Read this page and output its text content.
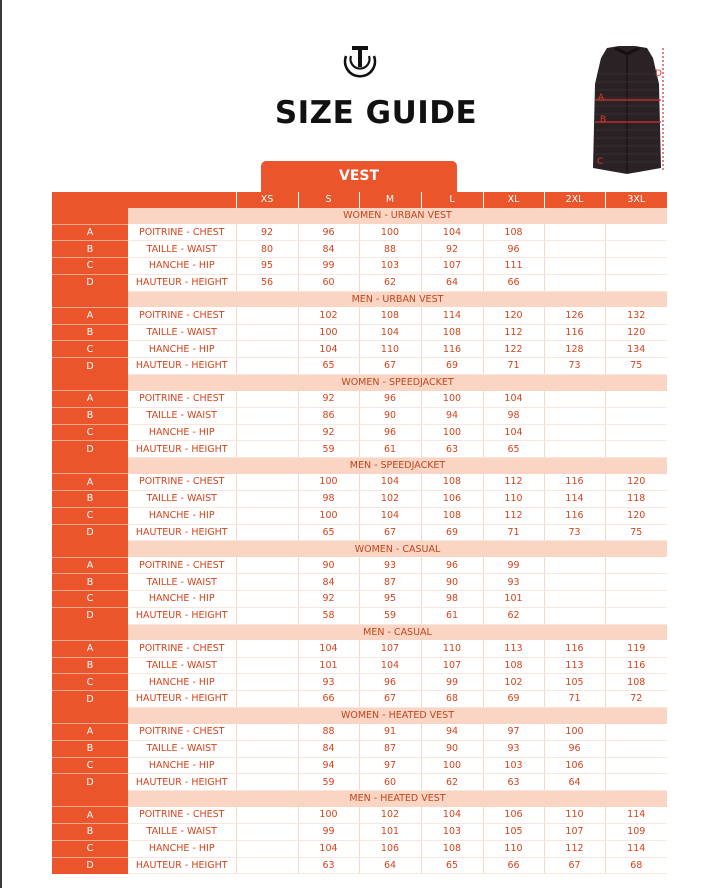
SIZE GUIDE	A
B
C
D
VEST
		XS	S	M	L	XL	2XL	3XL
	WOMEN - URBAN VEST							
A	POITRINE - CHEST	92	96	100	104	108		
B	TAILLE - WAIST	80	84	88	92	96		
C	HANCHE - HIP	95	99	103	107	111		
D	HAUTEUR - HEIGHT	56	60	62	64	66		
	MEN - URBAN VEST							
A	POITRINE - CHEST		102	108	114	120	126	132
B	TAILLE - WAIST		100	104	108	112	116	120
C	HANCHE - HIP		104	110	116	122	128	134
D	HAUTEUR - HEIGHT		65	67	69	71	73	75
	WOMEN - SPEEDJACKET							
A	POITRINE - CHEST		92	96	100	104		
B	TAILLE - WAIST		86	90	94	98		
C	HANCHE - HIP		92	96	100	104		
D	HAUTEUR - HEIGHT		59	61	63	65		
	MEN - SPEEDJACKET							
A	POITRINE - CHEST		100	104	108	112	116	120
B	TAILLE - WAIST		98	102	106	110	114	118
C	HANCHE - HIP		100	104	108	112	116	120
D	HAUTEUR - HEIGHT		65	67	69	71	73	75
	WOMEN - CASUAL							
A	POITRINE - CHEST		90	93	96	99		
B	TAILLE - WAIST		84	87	90	93		
C	HANCHE - HIP		92	95	98	101		
D	HAUTEUR - HEIGHT		58	59	61	62		
	MEN - CASUAL							
A	POITRINE - CHEST		104	107	110	113	116	119
B	TAILLE - WAIST		101	104	107	108	113	116
C	HANCHE - HIP		93	96	99	102	105	108
D	HAUTEUR - HEIGHT		66	67	68	69	71	72
	WOMEN - HEATED VEST							
A	POITRINE - CHEST		88	91	94	97	100	
B	TAILLE - WAIST		84	87	90	93	96	
C	HANCHE - HIP		94	97	100	103	106	
D	HAUTEUR - HEIGHT		59	60	62	63	64	
	MEN - HEATED VEST							
A	POITRINE - CHEST		100	102	104	106	110	114
B	TAILLE - WAIST		99	101	103	105	107	109
C	HANCHE - HIP		104	106	108	110	112	114
D	HAUTEUR - HEIGHT		63	64	65	66	67	68
